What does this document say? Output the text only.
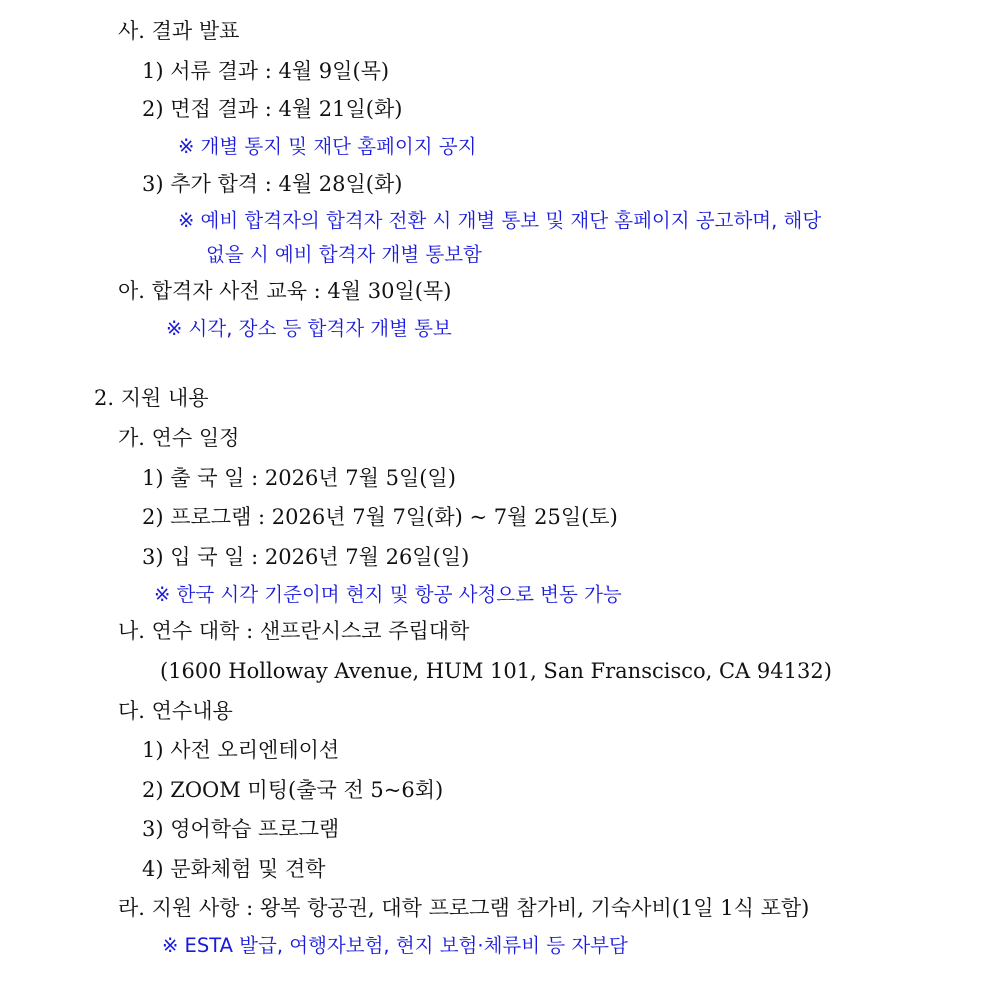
사. 결과 발표
1) 서류 결과 : 4월 9일(목)
2) 면접 결과 : 4월 21일(화)
※ 개별 통지 및 재단 홈페이지 공지
3) 추가 합격 : 4월 28일(화)
※ 예비 합격자의 합격자 전환 시 개별 통보 및 재단 홈페이지 공고하며, 해당
없을 시 예비 합격자 개별 통보함
아. 합격자 사전 교육 : 4월 30일(목)
※ 시각, 장소 등 합격자 개별 통보
2. 지원 내용
가. 연수 일정
1) 출 국 일 : 2026년 7월 5일(일)
2) 프로그램 : 2026년 7월 7일(화) ~ 7월 25일(토)
3) 입 국 일 : 2026년 7월 26일(일)
※ 한국 시각 기준이며 현지 및 항공 사정으로 변동 가능
나. 연수 대학 : 샌프란시스코 주립대학
(1600 Holloway Avenue, HUM 101, San Franscisco, CA 94132)
다. 연수내용
1) 사전 오리엔테이션
2) ZOOM 미팅(출국 전 5~6회)
3) 영어학습 프로그램
4) 문화체험 및 견학
라. 지원 사항 : 왕복 항공권, 대학 프로그램 참가비, 기숙사비(1일 1식 포함)
※ ESTA 발급, 여행자보험, 현지 보험·체류비 등 자부담
